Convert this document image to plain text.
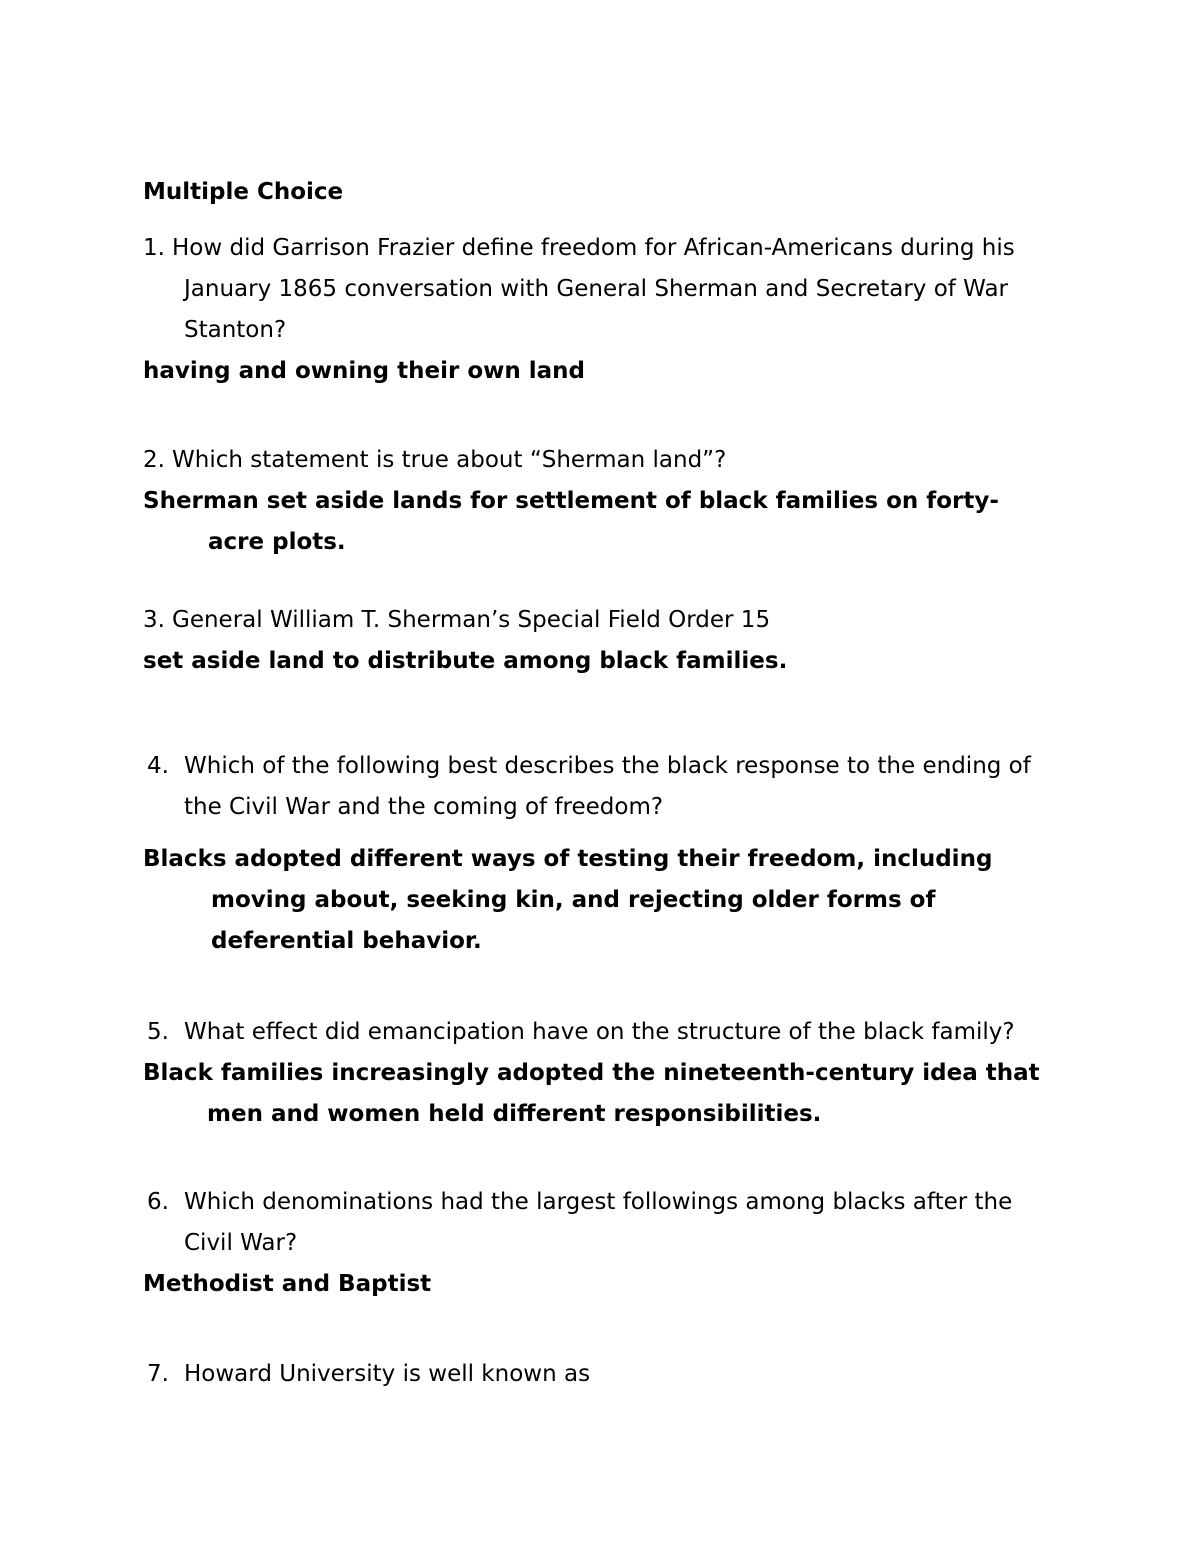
Multiple Choice
1. How did Garrison Frazier define freedom for African-Americans during his
January 1865 conversation with General Sherman and Secretary of War
Stanton?
having and owning their own land
2. Which statement is true about “Sherman land”?
Sherman set aside lands for settlement of black families on forty-
acre plots.
3. General William T. Sherman’s Special Field Order 15
set aside land to distribute among black families.
4. Which of the following best describes the black response to the ending of
the Civil War and the coming of freedom?
Blacks adopted different ways of testing their freedom, including
moving about, seeking kin, and rejecting older forms of
deferential behavior.
5. What effect did emancipation have on the structure of the black family?
Black families increasingly adopted the nineteenth-century idea that
men and women held different responsibilities.
6. Which denominations had the largest followings among blacks after the
Civil War?
Methodist and Baptist
7. Howard University is well known as
